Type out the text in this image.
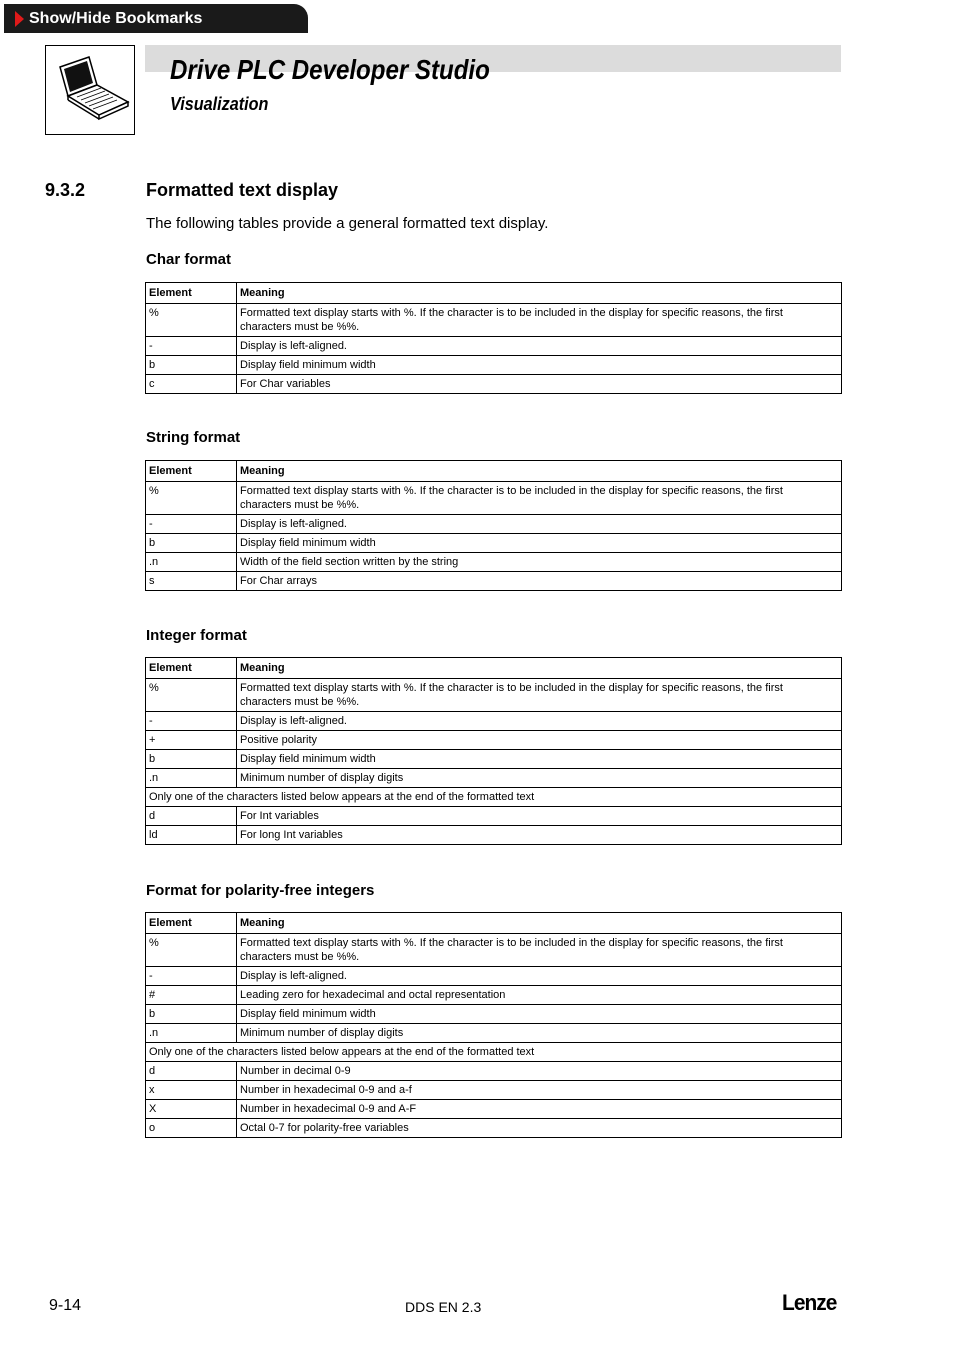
Show/Hide Bookmarks
Drive PLC Developer Studio
Visualization
9.3.2	Formatted text display
The following tables provide a general formatted text display.
Char format
Element	Meaning
%	Formatted text display starts with %. If the character is to be included in the display for specific reasons, the first characters must be %%.
-	Display is left-aligned.
b	Display field minimum width
c	For Char variables
String format
Element	Meaning
%	Formatted text display starts with %. If the character is to be included in the display for specific reasons, the first characters must be %%.
-	Display is left-aligned.
b	Display field minimum width
.n	Width of the field section written by the string
s	For Char arrays
Integer format
Element	Meaning
%	Formatted text display starts with %. If the character is to be included in the display for specific reasons, the first characters must be %%.
-	Display is left-aligned.
+	Positive polarity
b	Display field minimum width
.n	Minimum number of display digits
Only one of the characters listed below appears at the end of the formatted text	
d	For Int variables
ld	For long Int variables
Format for polarity-free integers
Element	Meaning
%	Formatted text display starts with %. If the character is to be included in the display for specific reasons, the first characters must be %%.
-	Display is left-aligned.
#	Leading zero for hexadecimal and octal representation
b	Display field minimum width
.n	Minimum number of display digits
Only one of the characters listed below appears at the end of the formatted text	
d	Number in decimal 0-9
x	Number in hexadecimal 0-9 and a-f
X	Number in hexadecimal 0-9 and A-F
o	Octal 0-7 for polarity-free variables
9-14	DDS EN 2.3	Lenze
